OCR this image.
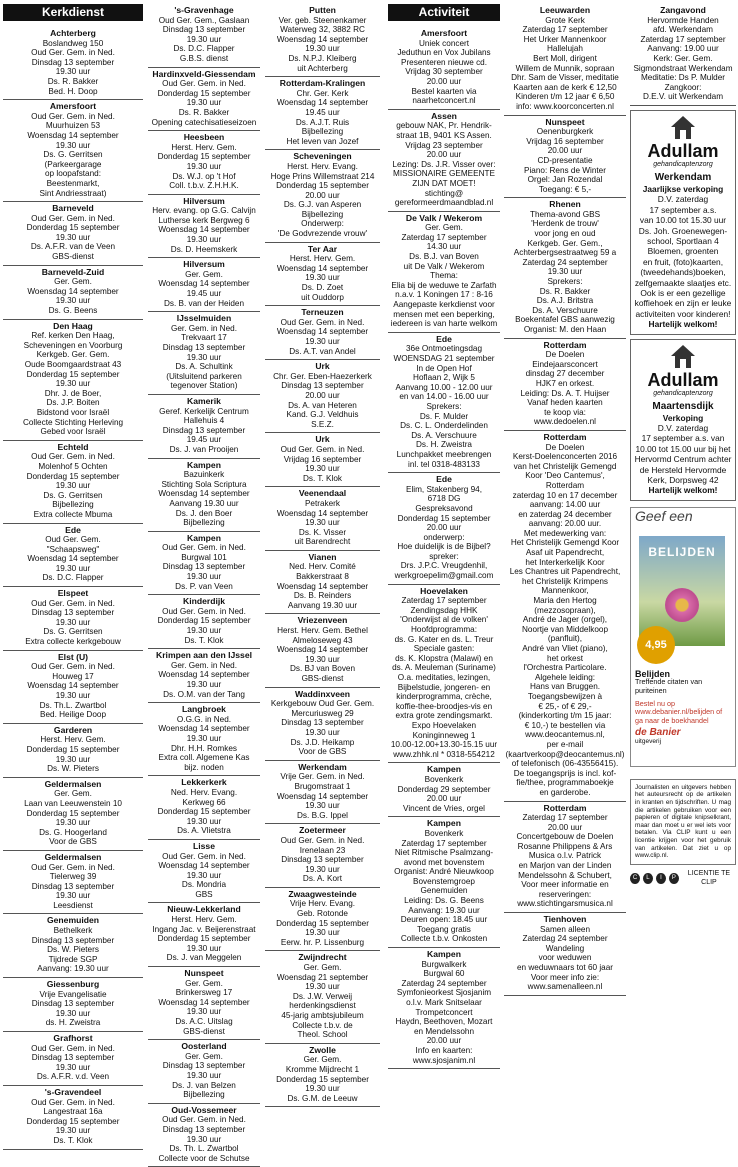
Kerkdienst
Achterberg
Boslandweg 150
Oud Ger. Gem. in Ned.
Dinsdag 13 september
19.30 uur
Ds. R. Bakker
Bed. H. Doop
Amersfoort
Oud Ger. Gem. in Ned.
Muurhuizen 53
Woensdag 14 september
19.30 uur
Ds. G. Gerritsen
(Parkeergarage
op loopafstand:
Beestenmarkt,
Sint Andriesstraat)
Barneveld
Oud Ger. Gem. in Ned.
Donderdag 15 september
19.30 uur
Ds. A.F.R. van de Veen
GBS-dienst
Barneveld-Zuid
Ger. Gem.
Woensdag 14 september
19.30 uur
Ds. G. Beens
Den Haag
Ref. kerken Den Haag,
Scheveningen en Voorburg
Kerkgeb. Ger. Gem.
Oude Boomgaardstraat 43
Donderdag 15 september
19.30 uur
Dhr. J. de Boer,
Ds. J.P. Boiten
Bidstond voor Israël
Collecte Stichting Herleving
Gebed voor Israël
Echteld
Oud Ger. Gem. in Ned.
Molenhof 5 Ochten
Donderdag 15 september
19.30 uur
Ds. G. Gerritsen
Bijbellezing
Extra collecte Mbuma
Ede
Oud Ger. Gem.
"Schaapsweg"
Woensdag 14 september
19.30 uur
Ds. D.C. Flapper
Elspeet
Oud Ger. Gem. in Ned.
Dinsdag 13 september
19.30 uur
Ds. G. Gerritsen
Extra collecte kerkgebouw
Elst (U)
Oud Ger. Gem. in Ned.
Houweg 17
Woensdag 14 september
19.30 uur
Ds. Th.L. Zwartbol
Bed. Heilige Doop
Garderen
Herst. Herv. Gem.
Donderdag 15 september
19.30 uur
Ds. W. Pieters
Geldermalsen
Ger. Gem.
Laan van Leeuwenstein 10
Donderdag 15 september
19.30 uur
Ds. G. Hoogerland
Voor de GBS
Geldermalsen
Oud Ger. Gem. in Ned.
Tielerweg 39
Dinsdag 13 september
19.30 uur
Leesdienst
Genemuiden
Bethelkerk
Dinsdag 13 september
Ds. W. Pieters
Tijdrede SGP
Aanvang: 19.30 uur
Giessenburg
Vrije Evangelisatie
Dinsdag 13 september
19.30 uur
ds. H. Zweistra
Grafhorst
Oud Ger. Gem. in Ned.
Dinsdag 13 september
19.30 uur
Ds. A.F.R. v.d. Veen
's-Gravendeel
Oud Ger. Gem. in Ned.
Langestraat 16a
Donderdag 15 september
19.30 uur
Ds. T. Klok
's-Gravenhage
Oud Ger. Gem., Gaslaan
Dinsdag 13 september
19.30 uur
Ds. D.C. Flapper
G.B.S. dienst
Hardinxveld-Giessendam
Oud Ger. Gem. in Ned.
Donderdag 15 september
19.30 uur
Ds. R. Bakker
Opening catechisatieseizoen
Heesbeen
Herst. Herv. Gem.
Donderdag 15 september
19.30 uur
Ds. W.J. op 't Hof
Coll. t.b.v. Z.H.H.K.
Hilversum
Herv. evang. op G.G. Calvijn
Lutherse kerk Bergweg 6
Woensdag 14 september
19.30 uur
Ds. D. Heemskerk
Hilversum
Ger. Gem.
Woensdag 14 september
19.45 uur
Ds. B. van der Heiden
IJsselmuiden
Ger. Gem. in Ned.
Trekvaart 17
Dinsdag 13 september
19.30 uur
Ds. A. Schultink
(Uitsluitend parkeren
tegenover Station)
Kamerik
Geref. Kerkelijk Centrum
Hallehuis 4
Dinsdag 13 september
19.45 uur
Ds. J. van Prooijen
Kampen
Bazuinkerk
Stichting Sola Scriptura
Woensdag 14 september
Aanvang 19.30 uur
Ds. J. den Boer
Bijbellezing
Kampen
Oud Ger. Gem. in Ned.
Burgwal 101
Dinsdag 13 september
19.30 uur
Ds. P. van Veen
Kinderdijk
Oud Ger. Gem. in Ned.
Donderdag 15 september
19.30 uur
Ds. T. Klok
Krimpen aan den IJssel
Ger. Gem. in Ned.
Woensdag 14 september
19.30 uur
Ds. O.M. van der Tang
Langbroek
O.G.G. in Ned.
Woensdag 14 september
19.30 uur
Dhr. H.H. Romkes
Extra coll. Algemene Kas
bijz. noden
Lekkerkerk
Ned. Herv. Evang.
Kerkweg 66
Donderdag 15 september
19.30 uur
Ds. A. Vlietstra
Lisse
Oud Ger. Gem. in Ned.
Woensdag 14 september
19.30 uur
Ds. Mondria
GBS
Nieuw-Lekkerland
Herst. Herv. Gem.
Ingang Jac. v. Beijerenstraat
Donderdag 15 september
19.30 uur
Ds. J. van Meggelen
Nunspeet
Ger. Gem.
Brinkersweg 17
Woensdag 14 september
19.30 uur
Ds. A.C. Uitslag
GBS-dienst
Oosterland
Ger. Gem.
Dinsdag 13 september
19.30 uur
Ds. J. van Belzen
Bijbellezing
Oud-Vossemeer
Oud Ger. Gem. in Ned.
Dinsdag 13 september
19.30 uur
Ds. Th. L. Zwartbol
Collecte voor de Schutse
Putten
Ver. geb. Steenenkamer
Waterweg 32, 3882 RC
Woensdag 14 september
19.30 uur
Ds. N.P.J. Kleiberg
uit Achterberg
Rotterdam-Kralingen
Chr. Ger. Kerk
Woensdag 14 september
19.45 uur
Ds. A.J.T. Ruis
Bijbellezing
Het leven van Jozef
Scheveningen
Herst. Herv. Evang.
Hoge Prins Willemstraat 214
Donderdag 15 september
20.00 uur
Ds. G.J. van Asperen
Bijbellezing
Onderwerp:
'De Godvrezende vrouw'
Ter Aar
Herst. Herv. Gem.
Woensdag 14 september
19.30 uur
Ds. D. Zoet
uit Ouddorp
Terneuzen
Oud Ger. Gem. in Ned.
Woensdag 14 september
19.30 uur
Ds. A.T. van Andel
Urk
Chr. Ger. Eben-Haezerkerk
Dinsdag 13 september
20.00 uur
Ds. A. van Heteren
Kand. G.J. Veldhuis
S.E.Z.
Urk
Oud Ger. Gem. in Ned.
Vrijdag 16 september
19.30 uur
Ds. T. Klok
Veenendaal
Petrakerk
Woensdag 14 september
19.30 uur
Ds. K. Visser
uit Barendrecht
Vianen
Ned. Herv. Comité
Bakkerstraat 8
Woensdag 14 september
Ds. B. Reinders
Aanvang 19.30 uur
Vriezenveen
Herst. Herv. Gem. Bethel
Almeloseweg 43
Woensdag 14 september
19.30 uur
Ds. BJ van Boven
GBS-dienst
Waddinxveen
Kerkgebouw Oud Ger. Gem.
Mercuriusweg 29
Dinsdag 13 september
19.30 uur
Ds. J.D. Heikamp
Voor de GBS
Werkendam
Vrije Ger. Gem. in Ned.
Brugomstraat 1
Woensdag 14 september
19.30 uur
Ds. B.G. Ippel
Zoetermeer
Oud Ger. Gem. in Ned.
Irenelaan 23
Dinsdag 13 september
19.30 uur
Ds. A. Kort
Zwaagwesteinde
Vrije Herv. Evang.
Geb. Rotonde
Donderdag 15 september
19.30 uur
Eerw. hr. P. Lissenburg
Zwijndrecht
Ger. Gem.
Woensdag 21 september
19.30 uur
Ds. J.W. Verweij
herdenkingsdienst
45-jarig ambtsjubileum
Collecte t.b.v. de
Theol. School
Zwolle
Ger. Gem.
Kromme Mijdrecht 1
Donderdag 15 september
19.30 uur
Ds. G.M. de Leeuw
Activiteit
Amersfoort
Uniek concert
Jeduthun en Vox Jubilans
Presenteren nieuwe cd.
Vrijdag 30 september
20.00 uur
Bestel kaarten via
naarhetconcert.nl
Assen
gebouw NAK, Pr. Hendrik-
straat 1B, 9401 KS Assen.
Vrijdag 23 september
20.00 uur
Lezing: Ds. J.R. Visser over:
MISSIONAIRE GEMEENTE
ZIJN DAT MOET!
stichting@
gereformeerdmaandblad.nl
De Valk / Wekerom
Ger. Gem.
Zaterdag 17 september
14.30 uur
Ds. B.J. van Boven
uit De Valk / Wekerom
Thema:
Elia bij de weduwe te Zarfath
n.a.v. 1 Koningen 17 : 8-16
Aangepaste kerkdienst voor
mensen met een beperking,
iedereen is van harte welkom
Ede
36e Ontmoetingsdag
WOENSDAG 21 september
In de Open Hof
Hoflaan 2, Wijk 5
Aanvang 10.00 - 12.00 uur
en van 14.00 - 16.00 uur
Sprekers:
Ds. F. Mulder
Ds. C. L. Onderdelinden
Ds. A. Verschuure
Ds. H. Zweistra
Lunchpakket meebrengen
inl. tel 0318-483133
Ede
Elim, Stakenberg 94,
6718 DG
Gespreksavond
Donderdag 15 september
20.00 uur
onderwerp:
Hoe duidelijk is de Bijbel?
spreker:
Drs. J.P.C. Vreugdenhil,
werkgroepelim@gmail.com
Hoevelaken
Zaterdag 17 september
Zendingsdag HHK
'Onderwijst al de volken'
Hoofdprogramma:
ds. G. Kater en ds. L. Treur
Speciale gasten:
ds. K. Klopstra (Malawi) en
ds. A. Meuleman (Suriname)
O.a. meditaties, lezingen,
Bijbelstudie, jongeren- en
kinderprogramma, crèche,
koffie-thee-broodjes-vis en
extra grote zendingsmarkt.
Expo Hoevelaken
Koninginneweg 1
10.00-12.00+13.30-15.15 uur
www.zhhk.nl * 0318-554212
Kampen
Bovenkerk
Donderdag 29 september
20.00 uur
Vincent de Vries, orgel
Kampen
Bovenkerk
Zaterdag 17 september
Niet Ritmische Psalmzang-
avond met bovenstem
Organist: André Nieuwkoop
Bovenstemgroep
Genemuiden
Leiding: Ds. G. Beens
Aanvang: 19.30 uur
Deuren open: 18.45 uur
Toegang gratis
Collecte t.b.v. Onkosten
Kampen
Burgwalkerk
Burgwal 60
Zaterdag 24 september
Symfonieorkest Sjosjanim
o.l.v. Mark Snitselaar
Trompetconcert
Haydn, Beethoven, Mozart
en Mendelssohn
20.00 uur
Info en kaarten:
www.sjosjanim.nl
Leeuwarden
Grote Kerk
Zaterdag 17 september
Het Urker Mannenkoor
Hallelujah
Bert Moll, dirigent
Willem de Munnik, sopraan
Dhr. Sam de Visser, meditatie
Kaarten aan de kerk € 12,50
Kinderen t/m 12 jaar € 6,50
info: www.koorconcerten.nl
Nunspeet
Oenenburgkerk
Vrijdag 16 september
20.00 uur
CD-presentatie
Piano: Rens de Winter
Orgel: Jan Rozendal
Toegang: € 5,-
Rhenen
Thema-avond GBS
'Herdenk de trouw'
voor jong en oud
Kerkgeb. Ger. Gem.,
Achterbergsestraatweg 59 a
Zaterdag 24 september
19.30 uur
Sprekers:
Ds. R. Bakker
Ds. A.J. Britstra
Ds. A. Verschuure
Boekentafel GBS aanwezig
Organist: M. den Haan
Rotterdam
De Doelen
Eindejaarsconcert
dinsdag 27 december
HJK7 en orkest.
Leiding: Ds. A. T. Huijser
Vanaf heden kaarten
te koop via:
www.dedoelen.nl
Rotterdam
De Doelen
Kerst-Doelenconcerten 2016
van het Christelijk Gemengd
Koor 'Deo Cantemus',
Rotterdam
zaterdag 10 en 17 december
aanvang: 14.00 uur
en zaterdag 24 december
aanvang: 20.00 uur.
Met medewerking van:
Het Christelijk Gemengd Koor
Asaf uit Papendrecht,
het Interkerkelijk Koor
Les Chantres uit Papendrecht,
het Christelijk Krimpens
Mannenkoor,
Maria den Hertog
(mezzosopraan),
André de Jager (orgel),
Noortje van Middelkoop
(panfluit),
André van Vliet (piano),
het orkest
l'Orchestra Particolare.
Algehele leiding:
Hans van Bruggen.
Toegangsbewijzen à
€ 25,- of € 29,-
(kinderkorting t/m 15 jaar:
€ 10,-) te bestellen via
www.deocantemus.nl,
per e-mail
(kaartverkoop@deocantemus.nl)
of telefonisch (06-43556415).
De toegangsprijs is incl. kof-
fie/thee, programmaboekje
en garderobe.
Rotterdam
Zaterdag 17 september
20.00 uur
Concertgebouw de Doelen
Rosanne Philippens & Ars
Musica o.l.v. Patrick
en Marjon van der Linden
Mendelssohn & Schubert,
Voor meer informatie en
reserveringen:
www.stichtingarsmusica.nl
Tienhoven
Samen alleen
Zaterdag 24 september
Wandeling
voor weduwen
en weduwnaars tot 60 jaar
Voor meer info zie:
www.samenalleen.nl
Zangavond
Hervormde Handen
afd. Werkendam
Zaterdag 17 september
Aanvang: 19.00 uur
Kerk: Ger. Gem.
Sigmondstraat Werkendam
Meditatie: Ds P. Mulder
Zangkoor:
D.E.V. uit Werkendam
Adullam
gehandicaptenzorg
Werkendam
Jaarlijkse verkoping
D.V. zaterdag
17 september a.s.
van 10.00 tot 15.30 uur
Ds. Joh. Groenewegen-
school, Sportlaan 4
Bloemen, groenten
en fruit, (foto)kaarten,
(tweedehands)boeken,
zelfgemaakte slaatjes etc.
Ook is er een gezellige
koffiehoek en zijn er leuke
activiteiten voor kinderen!
Hartelijk welkom!
Adullam
gehandicaptenzorg
Maartensdijk
Verkoping
D.V. zaterdag
17 september a.s. van
10.00 tot 15.00 uur bij het
Hervormd Centrum achter
de Hersteld Hervormde
Kerk, Dorpsweg 42
Hartelijk welkom!
Geef een
BELIJDEN
4,95
Belijden
Treffende citaten van puriteinen
Bestel nu op www.debanier.nl/belijden of ga naar de boekhandel
de Banier
uitgeverij
Journalisten en uitgevers hebben het auteursrecht op de artikelen in kranten en tijdschriften. U mag die artikelen gebruiken voor een papieren of digitale knipselkrant, maar dan moet u er wel iets voor betalen. Via CLIP kunt u een licentie krijgen voor het gebruik van artikelen. Dat ziet u op www.clip.nl.
C	L	I	P
LICENTIE TE CLIP
